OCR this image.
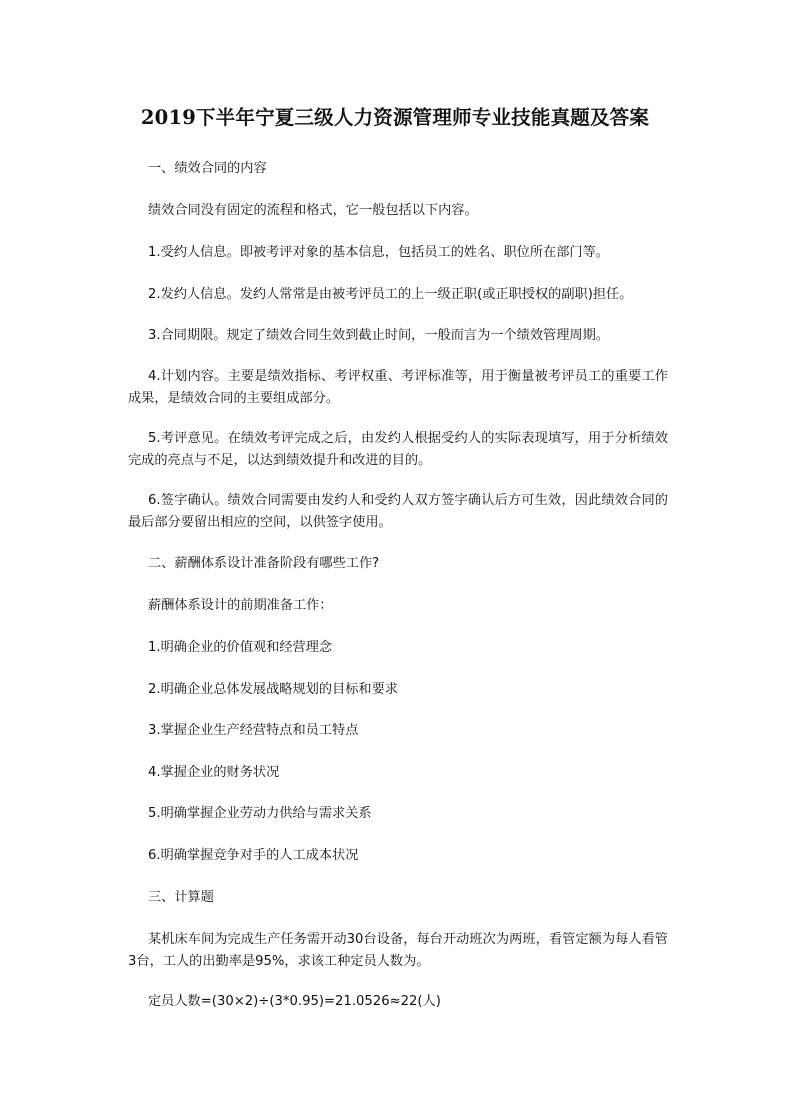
2019下半年宁夏三级人力资源管理师专业技能真题及答案

一、绩效合同的内容

绩效合同没有固定的流程和格式，它一般包括以下内容。

1.受约人信息。即被考评对象的基本信息，包括员工的姓名、职位所在部门等。

2.发约人信息。发约人常常是由被考评员工的上一级正职(或正职授权的副职)担任。

3.合同期限。规定了绩效合同生效到截止时间，一般而言为一个绩效管理周期。

4.计划内容。主要是绩效指标、考评权重、考评标准等，用于衡量被考评员工的重要工作成果，是绩效合同的主要组成部分。

5.考评意见。在绩效考评完成之后，由发约人根据受约人的实际表现填写，用于分析绩效完成的亮点与不足，以达到绩效提升和改进的目的。

6.签字确认。绩效合同需要由发约人和受约人双方签字确认后方可生效，因此绩效合同的最后部分要留出相应的空间，以供签字使用。

二、薪酬体系设计准备阶段有哪些工作?

薪酬体系设计的前期准备工作：

1.明确企业的价值观和经营理念

2.明确企业总体发展战略规划的目标和要求

3.掌握企业生产经营特点和员工特点

4.掌握企业的财务状况

5.明确掌握企业劳动力供给与需求关系

6.明确掌握竞争对手的人工成本状况

三、计算题

某机床车间为完成生产任务需开动30台设备，每台开动班次为两班，看管定额为每人看管3台，工人的出勤率是95%，求该工种定员人数为。

定员人数=(30×2)÷(3*0.95)=21.0526≈22(人)
